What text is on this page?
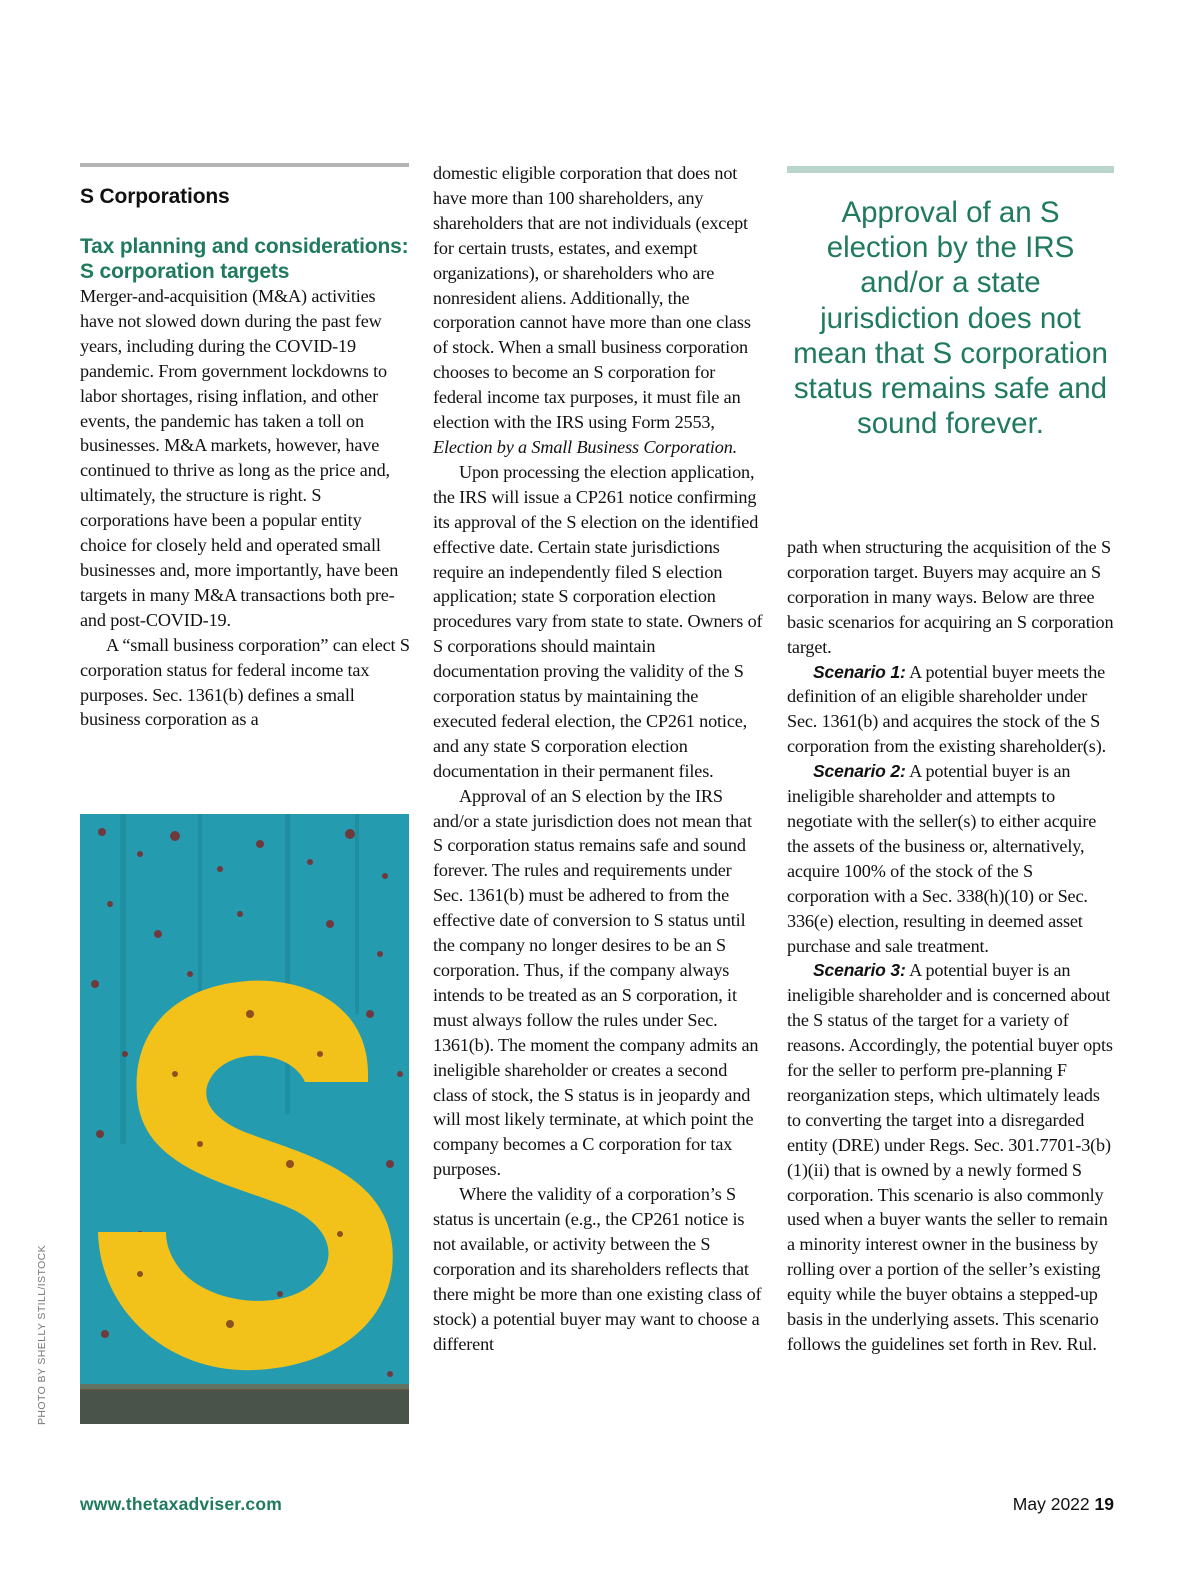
S Corporations
Tax planning and considerations: S corporation targets

Merger-and-acquisition (M&A) activities have not slowed down during the past few years, including during the COVID-19 pandemic. From government lockdowns to labor shortages, rising inflation, and other events, the pandemic has taken a toll on businesses. M&A markets, however, have continued to thrive as long as the price and, ultimately, the structure is right. S corporations have been a popular entity choice for closely held and operated small businesses and, more importantly, have been targets in many M&A transactions both pre- and post-COVID-19.

A “small business corporation” can elect S corporation status for federal income tax purposes. Sec. 1361(b) defines a small business corporation as a

PHOTO BY SHELLY STILL/ISTOCK

domestic eligible corporation that does not have more than 100 shareholders, any shareholders that are not individuals (except for certain trusts, estates, and exempt organizations), or shareholders who are nonresident aliens. Additionally, the corporation cannot have more than one class of stock. When a small business corporation chooses to become an S corporation for federal income tax purposes, it must file an election with the IRS using Form 2553, Election by a Small Business Corporation.

Upon processing the election application, the IRS will issue a CP261 notice confirming its approval of the S election on the identified effective date. Certain state jurisdictions require an independently filed S election application; state S corporation election procedures vary from state to state. Owners of S corporations should maintain documentation proving the validity of the S corporation status by maintaining the executed federal election, the CP261 notice, and any state S corporation election documentation in their permanent files.

Approval of an S election by the IRS and/or a state jurisdiction does not mean that S corporation status remains safe and sound forever. The rules and requirements under Sec. 1361(b) must be adhered to from the effective date of conversion to S status until the company no longer desires to be an S corporation. Thus, if the company always intends to be treated as an S corporation, it must always follow the rules under Sec. 1361(b). The moment the company admits an ineligible shareholder or creates a second class of stock, the S status is in jeopardy and will most likely terminate, at which point the company becomes a C corporation for tax purposes.

Where the validity of a corporation’s S status is uncertain (e.g., the CP261 notice is not available, or activity between the S corporation and its shareholders reflects that there might be more than one existing class of stock) a potential buyer may want to choose a different

Approval of an S election by the IRS and/or a state jurisdiction does not mean that S corporation status remains safe and sound forever.

path when structuring the acquisition of the S corporation target. Buyers may acquire an S corporation in many ways. Below are three basic scenarios for acquiring an S corporation target.

Scenario 1: A potential buyer meets the definition of an eligible shareholder under Sec. 1361(b) and acquires the stock of the S corporation from the existing shareholder(s).

Scenario 2: A potential buyer is an ineligible shareholder and attempts to negotiate with the seller(s) to either acquire the assets of the business or, alternatively, acquire 100% of the stock of the S corporation with a Sec. 338(h)(10) or Sec. 336(e) election, resulting in deemed asset purchase and sale treatment.

Scenario 3: A potential buyer is an ineligible shareholder and is concerned about the S status of the target for a variety of reasons. Accordingly, the potential buyer opts for the seller to perform pre-planning F reorganization steps, which ultimately leads to converting the target into a disregarded entity (DRE) under Regs. Sec. 301.7701-3(b)(1)(ii) that is owned by a newly formed S corporation. This scenario is also commonly used when a buyer wants the seller to remain a minority interest owner in the business by rolling over a portion of the seller’s existing equity while the buyer obtains a stepped-up basis in the underlying assets. This scenario follows the guidelines set forth in Rev. Rul.

www.thetaxadviser.com	May 2022 19
